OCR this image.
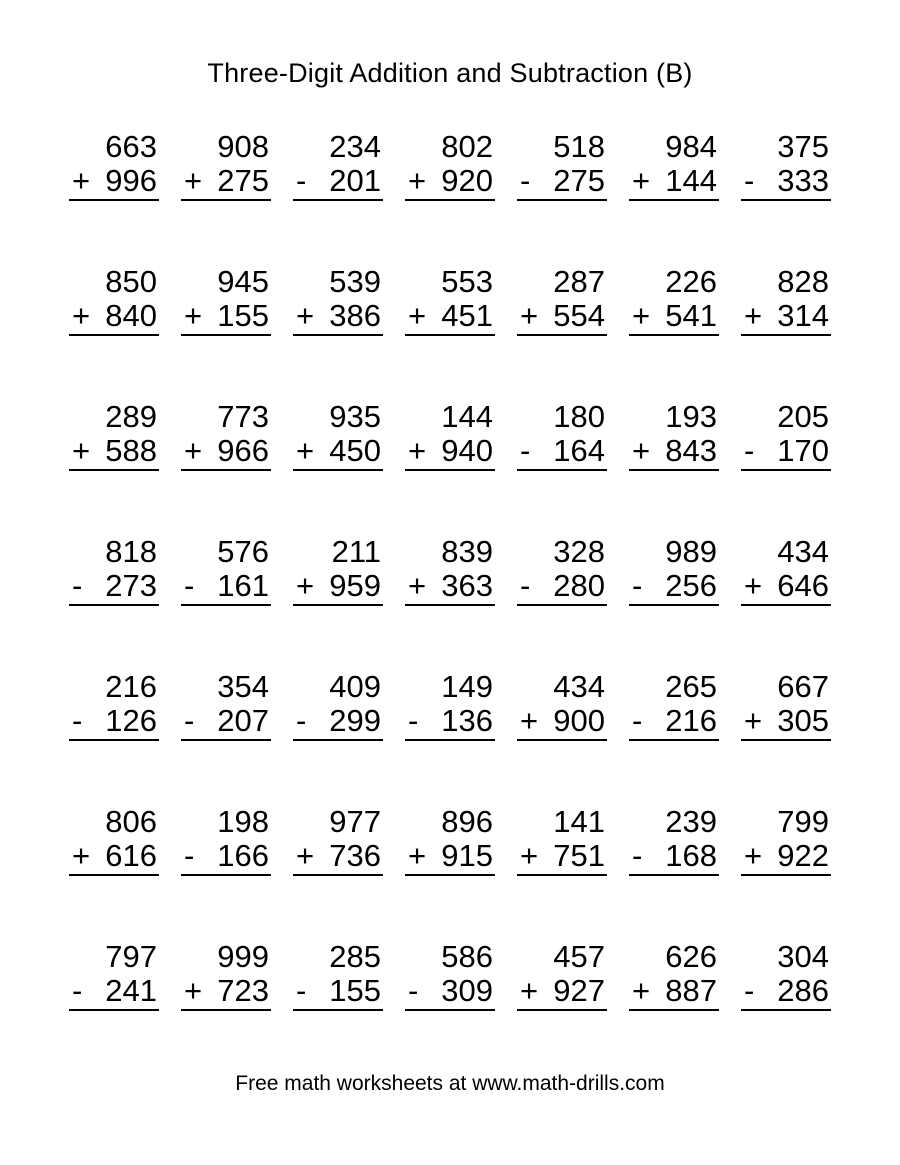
Three-Digit Addition and Subtraction (B)
663
+ 996
908
+ 275
234
- 201
802
+ 920
518
- 275
984
+ 144
375
- 333
850
+ 840
945
+ 155
539
+ 386
553
+ 451
287
+ 554
226
+ 541
828
+ 314
289
+ 588
773
+ 966
935
+ 450
144
+ 940
180
- 164
193
+ 843
205
- 170
818
- 273
576
- 161
211
+ 959
839
+ 363
328
- 280
989
- 256
434
+ 646
216
- 126
354
- 207
409
- 299
149
- 136
434
+ 900
265
- 216
667
+ 305
806
+ 616
198
- 166
977
+ 736
896
+ 915
141
+ 751
239
- 168
799
+ 922
797
- 241
999
+ 723
285
- 155
586
- 309
457
+ 927
626
+ 887
304
- 286
Free math worksheets at www.math-drills.com
